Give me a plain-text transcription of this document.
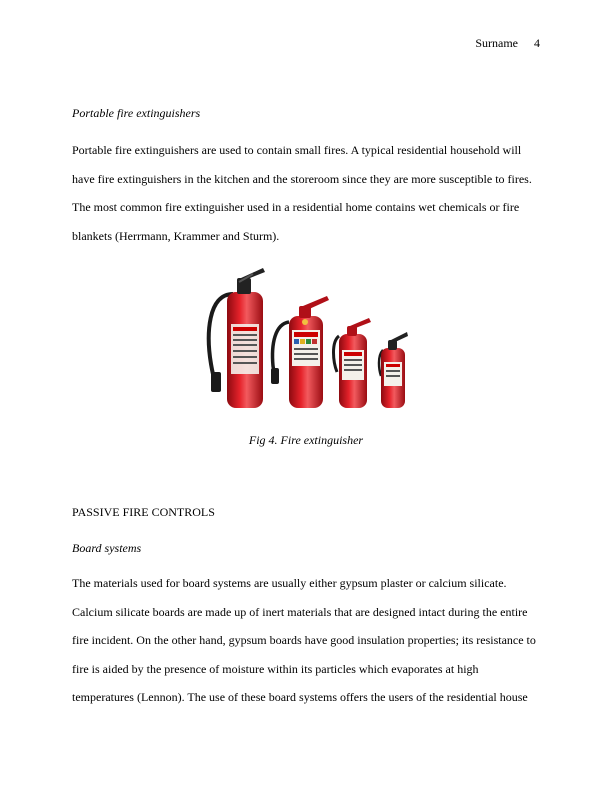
Surname 4
Portable fire extinguishers
Portable fire extinguishers are used to contain small fires. A typical residential household will have fire extinguishers in the kitchen and the storeroom since they are more susceptible to fires. The most common fire extinguisher used in a residential home contains wet chemicals or fire blankets (Herrmann, Krammer and Sturm).
Fig 4. Fire extinguisher
PASSIVE FIRE CONTROLS
Board systems
The materials used for board systems are usually either gypsum plaster or calcium silicate. Calcium silicate boards are made up of inert materials that are designed intact during the entire fire incident. On the other hand, gypsum boards have good insulation properties; its resistance to fire is aided by the presence of moisture within its particles which evaporates at high temperatures (Lennon). The use of these board systems offers the users of the residential house
